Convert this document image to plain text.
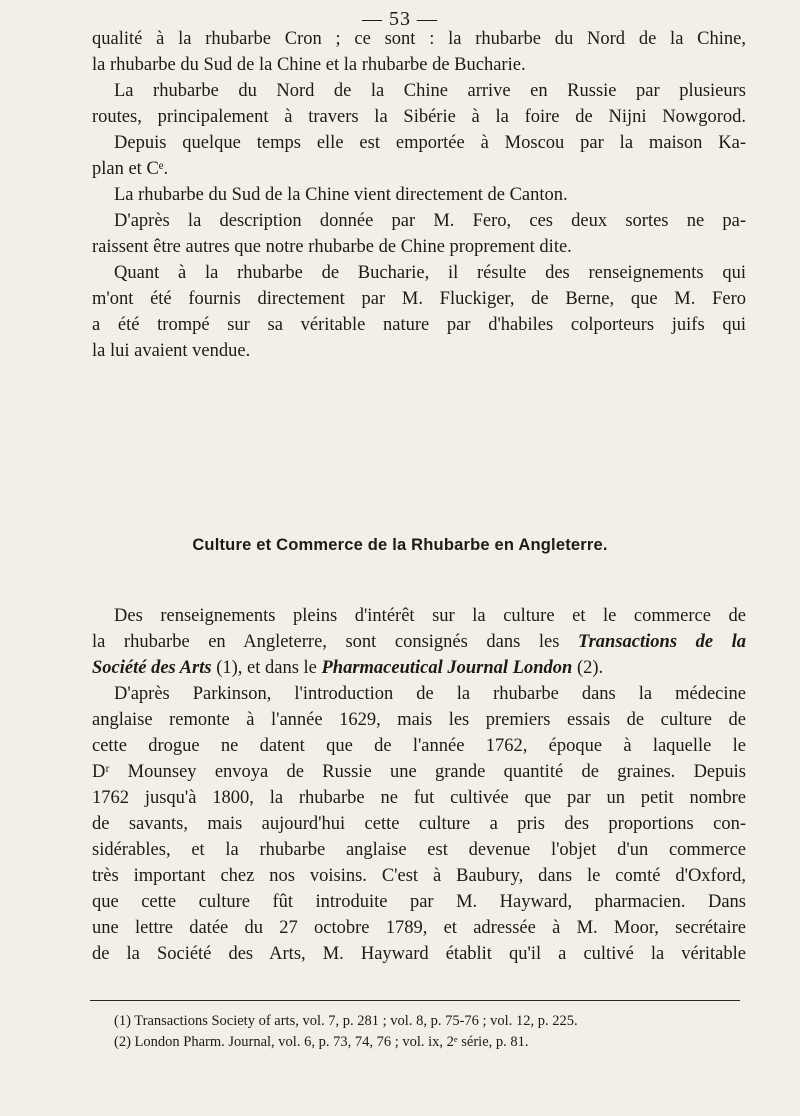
— 53 —
qualité à la rhubarbe Cron ; ce sont : la rhubarbe du Nord de la Chine,
la rhubarbe du Sud de la Chine et la rhubarbe de Bucharie.
La rhubarbe du Nord de la Chine arrive en Russie par plusieurs
routes, principalement à travers la Sibérie à la foire de Nijni Nowgorod.
Depuis quelque temps elle est emportée à Moscou par la maison Ka-
plan et Cᵉ.
La rhubarbe du Sud de la Chine vient directement de Canton.
D'après la description donnée par M. Fero, ces deux sortes ne pa-
raissent être autres que notre rhubarbe de Chine proprement dite.
Quant à la rhubarbe de Bucharie, il résulte des renseignements qui
m'ont été fournis directement par M. Fluckiger, de Berne, que M. Fero
a été trompé sur sa véritable nature par d'habiles colporteurs juifs qui
la lui avaient vendue.
Culture et Commerce de la Rhubarbe en Angleterre.
Des renseignements pleins d'intérêt sur la culture et le commerce de
la rhubarbe en Angleterre, sont consignés dans les Transactions de la
Société des Arts (1), et dans le Pharmaceutical Journal London (2).
D'après Parkinson, l'introduction de la rhubarbe dans la médecine
anglaise remonte à l'année 1629, mais les premiers essais de culture de
cette drogue ne datent que de l'année 1762, époque à laquelle le
Dʳ Mounsey envoya de Russie une grande quantité de graines. Depuis
1762 jusqu'à 1800, la rhubarbe ne fut cultivée que par un petit nombre
de savants, mais aujourd'hui cette culture a pris des proportions con-
sidérables, et la rhubarbe anglaise est devenue l'objet d'un commerce
très important chez nos voisins. C'est à Baubury, dans le comté d'Oxford,
que cette culture fût introduite par M. Hayward, pharmacien. Dans
une lettre datée du 27 octobre 1789, et adressée à M. Moor, secrétaire
de la Société des Arts, M. Hayward établit qu'il a cultivé la véritable
(1) Transactions Society of arts, vol. 7, p. 281 ; vol. 8, p. 75-76 ; vol. 12, p. 225.
(2) London Pharm. Journal, vol. 6, p. 73, 74, 76 ; vol. ix, 2ᵉ série, p. 81.
